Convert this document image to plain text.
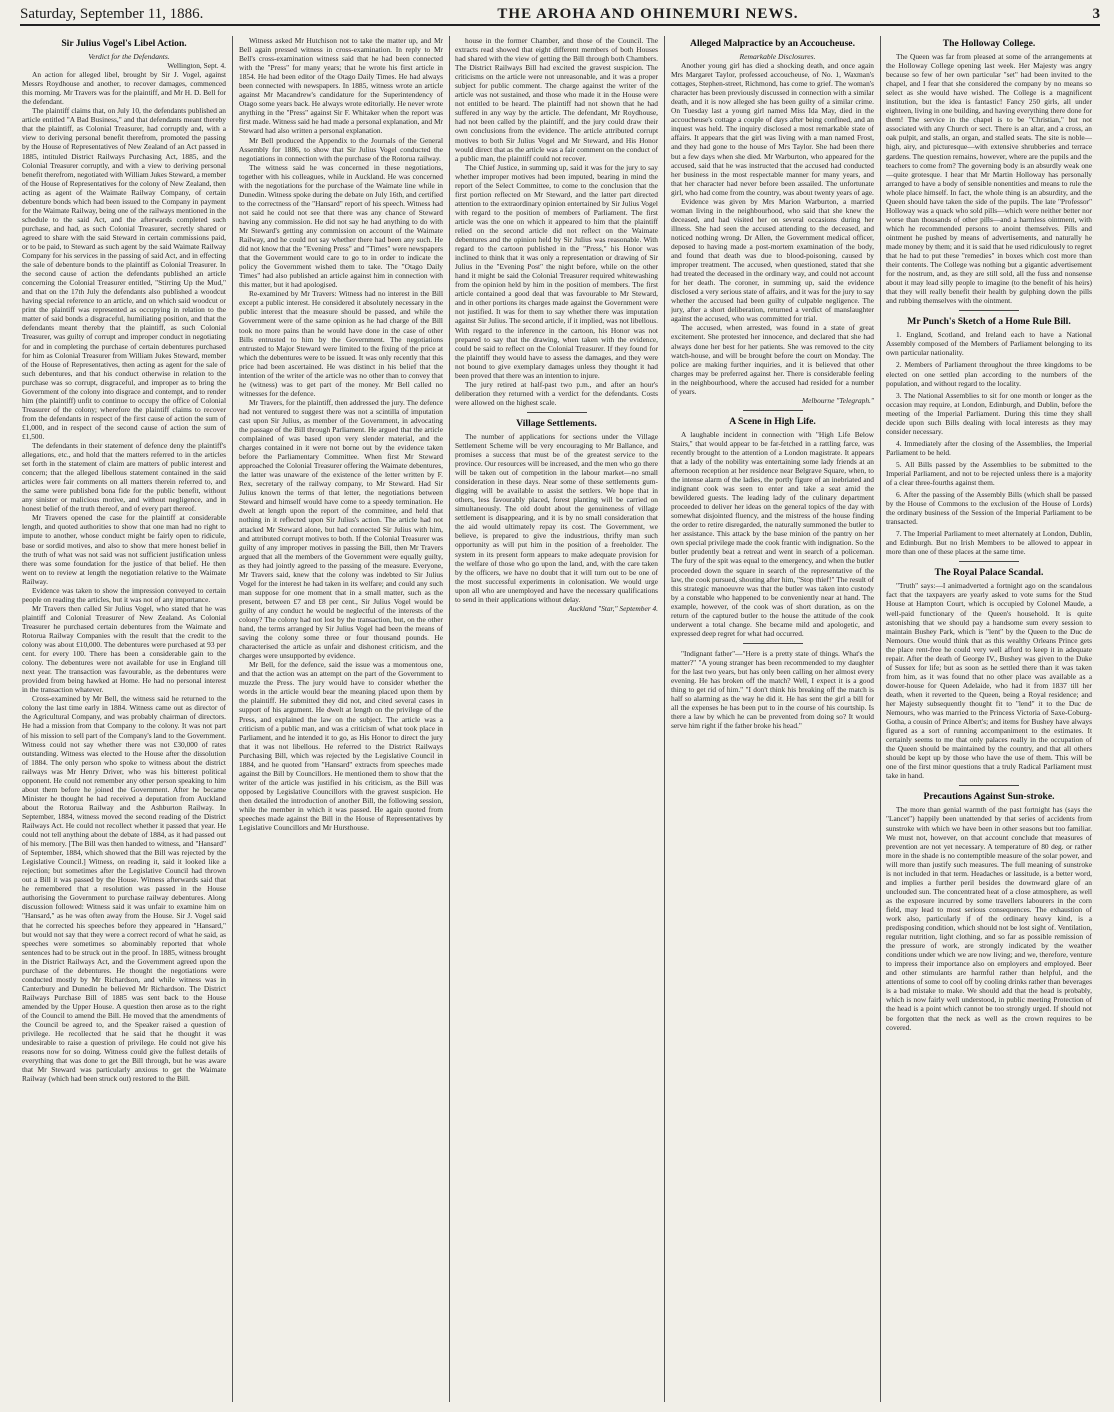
Saturday, September 11, 1886.	THE AROHA AND OHINEMURI NEWS.	3
Sir Julius Vogel's Libel Action.

Verdict for the Defendants.

Wellington, Sept. 4.

An action for alleged libel, brought by Sir J. Vogel, against Messrs Roydhouse and another, to recover damages, commenced this morning. Mr Travers was for the plaintiff, and Mr H. D. Bell for the defendant.

The plaintiff claims that, on July 10, the defendants published an article entitled "A Bad Business," and that defendants meant thereby that the plaintiff, as Colonial Treasurer, had corruptly and, with a view to deriving personal benefit therefrom, promoted the passing by the House of Representatives of New Zealand of an Act passed in 1885, intituled District Railways Purchasing Act, 1885, and the Colonial Treasurer corruptly, and with a view to deriving personal benefit therefrom, negotiated with William Jukes Steward, a member of the House of Representatives for the colony of New Zealand, then acting as agent of the Waimate Railway Company, of certain debenture bonds which had been issued to the Company in payment for the Waimate Railway, being one of the railways mentioned in the schedule to the said Act, and the afterwards completed such purchase, and had, as such Colonial Treasurer, secretly shared or agreed to share with the said Steward in certain commissions paid, or to be paid, to Steward as such agent by the said Waimate Railway Company for his services in the passing of said Act, and in effecting the sale of debenture bonds to the plaintiff as Colonial Treasurer. In the second cause of action the defendants published an article concerning the Colonial Treasurer entitled, "Stirring Up the Mud," and that on the 17th July the defendants also published a woodcut having special reference to an article, and on which said woodcut or print the plaintiff was represented as occupying in relation to the matter of said bonds a disgraceful, humiliating position, and that the defendants meant thereby that the plaintiff, as such Colonial Treasurer, was guilty of corrupt and improper conduct in negotiating for and in completing the purchase of certain debentures purchased for him as Colonial Treasurer from William Jukes Steward, member of the House of Representatives, then acting as agent for the sale of such debentures, and that his conduct otherwise in relation to the purchase was so corrupt, disgraceful, and improper as to bring the Government of the colony into disgrace and contempt, and to render him (the plaintiff) unfit to continue to occupy the office of Colonial Treasurer of the colony; wherefore the plaintiff claims to recover from the defendants in respect of the first cause of action the sum of £1,000, and in respect of the second cause of action the sum of £1,500.

The defendants in their statement of defence deny the plaintiff's allegations, etc., and hold that the matters referred to in the articles set forth in the statement of claim are matters of public interest and concern; that the alleged libellous statement contained in the said articles were fair comments on all matters therein referred to, and the same were published bona fide for the public benefit, without any sinister or malicious motive, and without negligence, and in honest belief of the truth thereof, and of every part thereof.

Mr Travers opened the case for the plaintiff at considerable length, and quoted authorities to show that one man had no right to impute to another, whose conduct might be fairly open to ridicule, base or sordid motives, and also to show that mere honest belief in the truth of what was not said was not sufficient justification unless there was some foundation for the justice of that belief. He then went on to review at length the negotiation relative to the Waimate Railway.

Evidence was taken to show the impression conveyed to certain people on reading the articles, but it was not of any importance.

Mr Travers then called Sir Julius Vogel, who stated that he was plaintiff and Colonial Treasurer of New Zealand. As Colonial Treasurer he purchased certain debentures from the Waimate and Rotorua Railway Companies with the result that the credit to the colony was about £10,000. The debentures were purchased at 93 per cent. for every 100. There has been a considerable gain to the colony. The debentures were not available for use in England till next year. The transaction was favourable, as the debentures were provided from being hawked at Home. He had no personal interest in the transaction whatever.

Cross-examined by Mr Bell, the witness said he returned to the colony the last time early in 1884. Witness came out as director of the Agricultural Company, and was probably chairman of directors. He had a mission from that Company to the colony. It was not part of his mission to sell part of the Company's land to the Government. Witness could not say whether there was not £30,000 of rates outstanding. Witness was elected to the House after the dissolution of 1884. The only person who spoke to witness about the district railways was Mr Henry Driver, who was his bitterest political opponent. He could not remember any other person speaking to him about them before he joined the Government. After he became Minister he thought he had received a deputation from Auckland about the Rotorua Railway and the Ashburton Railway. In September, 1884, witness moved the second reading of the District Railways Act. He could not recollect whether it passed that year. He could not tell anything about the debate of 1884, as it had passed out of his memory. [The Bill was then handed to witness, and "Hansard" of September, 1884, which showed that the Bill was rejected by the Legislative Council.] Witness, on reading it, said it looked like a rejection; but sometimes after the Legislative Council had thrown out a Bill it was passed by the House. Witness afterwards said that he remembered that a resolution was passed in the House authorising the Government to purchase railway debentures. Along discussion followed: Witness said it was unfair to examine him on "Hansard," as he was often away from the House. Sir J. Vogel said that he corrected his speeches before they appeared in "Hansard," but would not say that they were a correct record of what he said, as speeches were sometimes so abominably reported that whole sentences had to be struck out in the proof. In 1885, witness brought in the District Railways Act, and the Government agreed upon the purchase of the debentures. He thought the negotiations were conducted mostly by Mr Richardson, and while witness was in Canterbury and Dunedin he believed Mr Richardson. The District Railways Purchase Bill of 1885 was sent back to the House amended by the Upper House. A question then arose as to the right of the Council to amend the Bill. He moved that the amendments of the Council be agreed to, and the Speaker raised a question of privilege. He recollected that he said that he thought it was undesirable to raise a question of privilege. He could not give his reasons now for so doing. Witness could give the fullest details of everything that was done to get the Bill through, but he was aware that Mr Steward was particularly anxious to get the Waimate Railway (which had been struck out) restored to the Bill.

Witness asked Mr Hutchison not to take the matter up, and Mr Bell again pressed witness in cross-examination. In reply to Mr Bell's cross-examination witness said that he had been connected with the "Press" for many years; that he wrote his first article in 1854. He had been editor of the Otago Daily Times. He had always been connected with newspapers. In 1885, witness wrote an article against Mr Macandrew's candidature for the Superintendency of Otago some years back. He always wrote editorially. He never wrote anything in the "Press" against Sir F. Whitaker when the report was first made. Witness said he had made a personal explanation, and Mr Steward had also written a personal explanation.

Mr Bell produced the Appendix to the Journals of the General Assembly for 1886, to show that Sir Julius Vogel conducted the negotiations in connection with the purchase of the Rotorua railway.

The witness said he was concerned in these negotiations, together with his colleagues, while in Auckland. He was concerned with the negotiations for the purchase of the Waimate line while in Dunedin. Witness spoke during the debate on July 16th, and certified to the correctness of the "Hansard" report of his speech. Witness had not said he could not see that there was any chance of Steward having any commission. He did not say he had anything to do with Mr Steward's getting any commission on account of the Waimate Railway, and he could not say whether there had been any such. He did not know that the "Evening Press" and "Times" were newspapers that the Government would care to go to in order to indicate the policy the Government wished them to take. The "Otago Daily Times" had also published an article against him in connection with this matter, but it had apologised.

Re-examined by Mr Travers: Witness had no interest in the Bill except a public interest. He considered it absolutely necessary in the public interest that the measure should be passed, and while the Government were of the same opinion as he had charge of the Bill took no more pains than he would have done in the case of other Bills entrusted to him by the Government. The negotiations entrusted to Major Steward were limited to the fixing of the price at which the debentures were to be issued. It was only recently that this price had been ascertained. He was distinct in his belief that the intention of the writer of the article was no other than to convey that he (witness) was to get part of the money. Mr Bell called no witnesses for the defence.

Mr Travers, for the plaintiff, then addressed the jury. The defence had not ventured to suggest there was not a scintilla of imputation cast upon Sir Julius, as member of the Government, in advocating the passage of the Bill through Parliament. He argued that the article complained of was based upon very slender material, and the charges contained in it were not borne out by the evidence taken before the Parliamentary Committee. When first Mr Steward approached the Colonial Treasurer offering the Waimate debentures, the latter was unaware of the existence of the letter written by F. Rex, secretary of the railway company, to Mr Steward. Had Sir Julius known the terms of that letter, the negotiations between Steward and himself would have come to a speedy termination. He dwelt at length upon the report of the committee, and held that nothing in it reflected upon Sir Julius's action. The article had not attacked Mr Steward alone, but had connected Sir Julius with him, and attributed corrupt motives to both. If the Colonial Treasurer was guilty of any improper motives in passing the Bill, then Mr Travers argued that all the members of the Government were equally guilty, as they had jointly agreed to the passing of the measure. Everyone, Mr Travers said, knew that the colony was indebted to Sir Julius Vogel for the interest he had taken in its welfare; and could any such man suppose for one moment that in a small matter, such as the present, between £7 and £8 per cent., Sir Julius Vogel would be guilty of any conduct he would be neglectful of the interests of the colony? The colony had not lost by the transaction, but, on the other hand, the terms arranged by Sir Julius Vogel had been the means of saving the colony some three or four thousand pounds. He characterised the article as unfair and dishonest criticism, and the charges were unsupported by evidence.

Mr Bell, for the defence, said the issue was a momentous one, and that the action was an attempt on the part of the Government to muzzle the Press. The jury would have to consider whether the words in the article would bear the meaning placed upon them by the plaintiff. He submitted they did not, and cited several cases in support of his argument. He dwelt at length on the privilege of the Press, and explained the law on the subject. The article was a criticism of a public man, and was a criticism of what took place in Parliament, and he intended it to go, as His Honor to direct the jury that it was not libellous. He referred to the District Railways Purchasing Bill, which was rejected by the Legislative Council in 1884, and he quoted from "Hansard" extracts from speeches made against the Bill by Councillors. He mentioned them to show that the writer of the article was justified in his criticism, as the Bill was opposed by Legislative Councillors with the gravest suspicion. He then detailed the introduction of another Bill, the following session, while the member in which it was passed. He again quoted from speeches made against the Bill in the House of Representatives by Legislative Councillors and Mr Hursthouse.

house in the former Chamber, and those of the Council. The extracts read showed that eight different members of both Houses had shared with the view of getting the Bill through both Chambers. The District Railways Bill had excited the gravest suspicion. The criticisms on the article were not unreasonable, and it was a proper subject for public comment. The charge against the writer of the article was not sustained, and those who made it in the House were not entitled to be heard. The plaintiff had not shown that he had suffered in any way by the article. The defendant, Mr Roydhouse, had not been called by the plaintiff, and the jury could draw their own conclusions from the evidence. The article attributed corrupt motives to both Sir Julius Vogel and Mr Steward, and His Honor would direct that as the article was a fair comment on the conduct of a public man, the plaintiff could not recover.

The Chief Justice, in summing up, said it was for the jury to say whether improper motives had been imputed, bearing in mind the report of the Select Committee, to come to the conclusion that the first portion reflected on Mr Steward, and the latter part directed attention to the extraordinary opinion entertained by Sir Julius Vogel with regard to the position of members of Parliament. The first article was the one on which it appeared to him that the plaintiff relied on the second article did not reflect on the Waimate debentures and the opinion held by Sir Julius was reasonable. With regard to the cartoon published in the "Press," his Honor was inclined to think that it was only a representation or drawing of Sir Julius in the "Evening Post" the night before, while on the other hand it might be said the Colonial Treasurer required whitewashing from the opinion held by him in the position of members. The first article contained a good deal that was favourable to Mr Steward, and in other portions its charges made against the Government were not justified. It was for them to say whether there was imputation against Sir Julius. The second article, if it implied, was not libellous. With regard to the inference in the cartoon, his Honor was not prepared to say that the drawing, when taken with the evidence, could be said to reflect on the Colonial Treasurer. If they found for the plaintiff they would have to assess the damages, and they were not bound to give exemplary damages unless they thought it had been proved that there was an intention to injure.

The jury retired at half-past two p.m., and after an hour's deliberation they returned with a verdict for the defendants. Costs were allowed on the highest scale.

Village Settlements.

The number of applications for sections under the Village Settlement Scheme will be very encouraging to Mr Ballance, and promises a success that must be of the greatest service to the province. Our resources will be increased, and the men who go there will be taken out of competition in the labour market—no small consideration in these days. Near some of these settlements gum-digging will be available to assist the settlers. We hope that in others, less favourably placed, forest planting will be carried on simultaneously. The old doubt about the genuineness of village settlement is disappearing, and it is by no small consideration that the aid would ultimately repay its cost. The Government, we believe, is prepared to give the industrious, thrifty man such opportunity as will put him in the position of a freeholder. The system in its present form appears to make adequate provision for the welfare of those who go upon the land, and, with the care taken by the officers, we have no doubt that it will turn out to be one of the most successful experiments in colonisation. We would urge upon all who are unemployed and have the necessary qualifications to send in their applications without delay.

Auckland "Star," September 4.

Alleged Malpractice by an Accoucheuse.

Remarkable Disclosures.

Another young girl has died a shocking death, and once again Mrs Margaret Taylor, professed accoucheuse, of No. 1, Waxman's cottages, Stephen-street, Richmond, has come to grief. The woman's character has been previously discussed in connection with a similar death, and it is now alleged she has been guilty of a similar crime. On Tuesday last a young girl named Miss Ida May, died in the accoucheuse's cottage a couple of days after being confined, and an inquest was held. The inquiry disclosed a most remarkable state of affairs. It appears that the girl was living with a man named Frost, and they had gone to the house of Mrs Taylor. She had been there but a few days when she died. Mr Warburton, who appeared for the accused, said that he was instructed that the accused had conducted her business in the most respectable manner for many years, and that her character had never before been assailed. The unfortunate girl, who had come from the country, was about twenty years of age.

Evidence was given by Mrs Marion Warburton, a married woman living in the neighbourhood, who said that she knew the deceased, and had visited her on several occasions during her illness. She had seen the accused attending to the deceased, and noticed nothing wrong. Dr Allen, the Government medical officer, deposed to having made a post-mortem examination of the body, and found that death was due to blood-poisoning, caused by improper treatment. The accused, when questioned, stated that she had treated the deceased in the ordinary way, and could not account for her death. The coroner, in summing up, said the evidence disclosed a very serious state of affairs, and it was for the jury to say whether the accused had been guilty of culpable negligence. The jury, after a short deliberation, returned a verdict of manslaughter against the accused, who was committed for trial.

The accused, when arrested, was found in a state of great excitement. She protested her innocence, and declared that she had always done her best for her patients. She was removed to the city watch-house, and will be brought before the court on Monday. The police are making further inquiries, and it is believed that other charges may be preferred against her. There is considerable feeling in the neighbourhood, where the accused had resided for a number of years.

Melbourne "Telegraph."

A Scene in High Life.

A laughable incident in connection with "High Life Below Stairs," that would appear to be far-fetched in a rattling farce, was recently brought to the attention of a London magistrate. It appears that a lady of the nobility was entertaining some lady friends at an afternoon reception at her residence near Belgrave Square, when, to the intense alarm of the ladies, the portly figure of an inebriated and indignant cook was seen to enter and take a seat amid the bewildered guests. The leading lady of the culinary department proceeded to deliver her ideas on the general topics of the day with somewhat disjointed fluency, and the mistress of the house finding the order to retire disregarded, the naturally summoned the butler to her assistance. This attack by the base minion of the pantry on her own special privilege made the cook frantic with indignation. So the butler prudently beat a retreat and went in search of a policeman. The fury of the spit was equal to the emergency, and when the butler proceeded down the square in search of the representative of the law, the cook pursued, shouting after him, "Stop thief!" The result of this strategic manoeuvre was that the butler was taken into custody by a constable who happened to be conveniently near at hand. The example, however, of the cook was of short duration, as on the return of the captured butler to the house the attitude of the cook underwent a total change. She became mild and apologetic, and expressed deep regret for what had occurred.

"Indignant father"—"Here is a pretty state of things. What's the matter?" "A young stranger has been recommended to my daughter for the last two years, but has only been calling on her almost every evening. He has broken off the match? Well, I expect it is a good thing to get rid of him." "I don't think his breaking off the match is half so alarming as the way he did it. He has sent the girl a bill for all the expenses he has been put to in the course of his courtship. Is there a law by which he can be prevented from doing so? It would serve him right if the father broke his head."

The Holloway College.

The Queen was far from pleased at some of the arrangements at the Holloway College opening last week. Her Majesty was angry because so few of her own particular "set" had been invited to the chapel, and I fear that she considered the company by no means so select as she would have wished. The College is a magnificent institution, but the idea is fantastic! Fancy 250 girls, all under eighteen, living in one building, and having everything there done for them! The service in the chapel is to be "Christian," but not associated with any Church or sect. There is an altar, and a cross, an oak pulpit, and stalls, an organ, and stalled seats. The site is noble—high, airy, and picturesque—with extensive shrubberies and terrace gardens. The question remains, however, where are the pupils and the teachers to come from? The governing body is an absurdly weak one—quite grotesque. I hear that Mr Martin Holloway has personally arranged to have a body of sensible nonentities and means to rule the whole place himself. In fact, the whole thing is an absurdity, and the Queen should have taken the side of the pupils. The late "Professor" Holloway was a quack who sold pills—which were neither better nor worse than thousands of other pills—and a harmless ointment, with which he recommended persons to anoint themselves. Pills and ointment he pushed by means of advertisements, and naturally he made money by them; and it is said that he used ridiculously to regret that he had to put these "remedies" in boxes which cost more than their contents. The College was nothing but a gigantic advertisement for the nostrum, and, as they are still sold, all the fuss and nonsense about it may lead silly people to imagine (to the benefit of his heirs) that they will really benefit their health by gulphing down the pills and rubbing themselves with the ointment.

Mr Punch's Sketch of a Home Rule Bill.

1. England, Scotland, and Ireland each to have a National Assembly composed of the Members of Parliament belonging to its own particular nationality.

2. Members of Parliament throughout the three kingdoms to be elected on one settled plan according to the numbers of the population, and without regard to the locality.

3. The National Assemblies to sit for one month or longer as the occasion may require, at London, Edinburgh, and Dublin, before the meeting of the Imperial Parliament. During this time they shall decide upon such Bills dealing with local interests as they may consider necessary.

4. Immediately after the closing of the Assemblies, the Imperial Parliament to be held.

5. All Bills passed by the Assemblies to be submitted to the Imperial Parliament, and not to be rejected unless there is a majority of a clear three-fourths against them.

6. After the passing of the Assembly Bills (which shall be passed by the House of Commons to the exclusion of the House of Lords) the ordinary business of the Session of the Imperial Parliament to be transacted.

7. The Imperial Parliament to meet alternately at London, Dublin, and Edinburgh. But no Irish Members to be allowed to appear in more than one of these places at the same time.

The Royal Palace Scandal.

"Truth" says:—I animadverted a fortnight ago on the scandalous fact that the taxpayers are yearly asked to vote sums for the Stud House at Hampton Court, which is occupied by Colonel Maude, a well-paid functionary of the Queen's household. It is quite astonishing that we should pay a handsome sum every session to maintain Bushey Park, which is "lent" by the Queen to the Duc de Nemours. One would think that as this wealthy Orleans Prince gets the place rent-free he could very well afford to keep it in adequate repair. After the death of George IV., Bushey was given to the Duke of Sussex for life; but as soon as he settled there than it was taken from him, as it was found that no other place was available as a dower-house for Queen Adelaide, who had it from 1837 till her death, when it reverted to the Queen, being a Royal residence; and her Majesty subsequently thought fit to "lend" it to the Duc de Nemours, who was married to the Princess Victoria of Saxe-Coburg-Gotha, a cousin of Prince Albert's; and items for Bushey have always figured as a sort of running accompaniment to the estimates. It certainly seems to me that only palaces really in the occupation of the Queen should be maintained by the country, and that all others should be kept up by those who have the use of them. This will be one of the first minor questions that a truly Radical Parliament must take in hand.

Precautions Against Sun-stroke.

The more than genial warmth of the past fortnight has (says the "Lancet") happily been unattended by that series of accidents from sunstroke with which we have been in other seasons but too familiar. We must not, however, on that account conclude that measures of prevention are not yet necessary. A temperature of 80 deg. or rather more in the shade is no contemptible measure of the solar power, and will more than justify such measures. The full meaning of sunstroke is not included in that term. Headaches or lassitude, is a better word, and implies a further peril besides the downward glare of an unclouded sun. The concentrated heat of a close atmosphere, as well as the exposure incurred by some travellers labourers in the corn field, may lead to most serious consequences. The exhaustion of work also, particularly if of the ordinary heavy kind, is a predisposing condition, which should not be lost sight of. Ventilation, regular nutrition, light clothing, and so far as possible remission of the pressure of work, are strongly indicated by the weather conditions under which we are now living; and we, therefore, venture to impress their importance also on employers and employed. Beer and other stimulants are harmful rather than helpful, and the attentions of some to cool off by cooling drinks rather than beverages is a bad mistake to make. We should add that the head is probably, which is now fairly well understood, in public meeting Protection of the head is a point which cannot be too strongly urged. If should not be forgotten that the neck as well as the crown requires to be covered.
